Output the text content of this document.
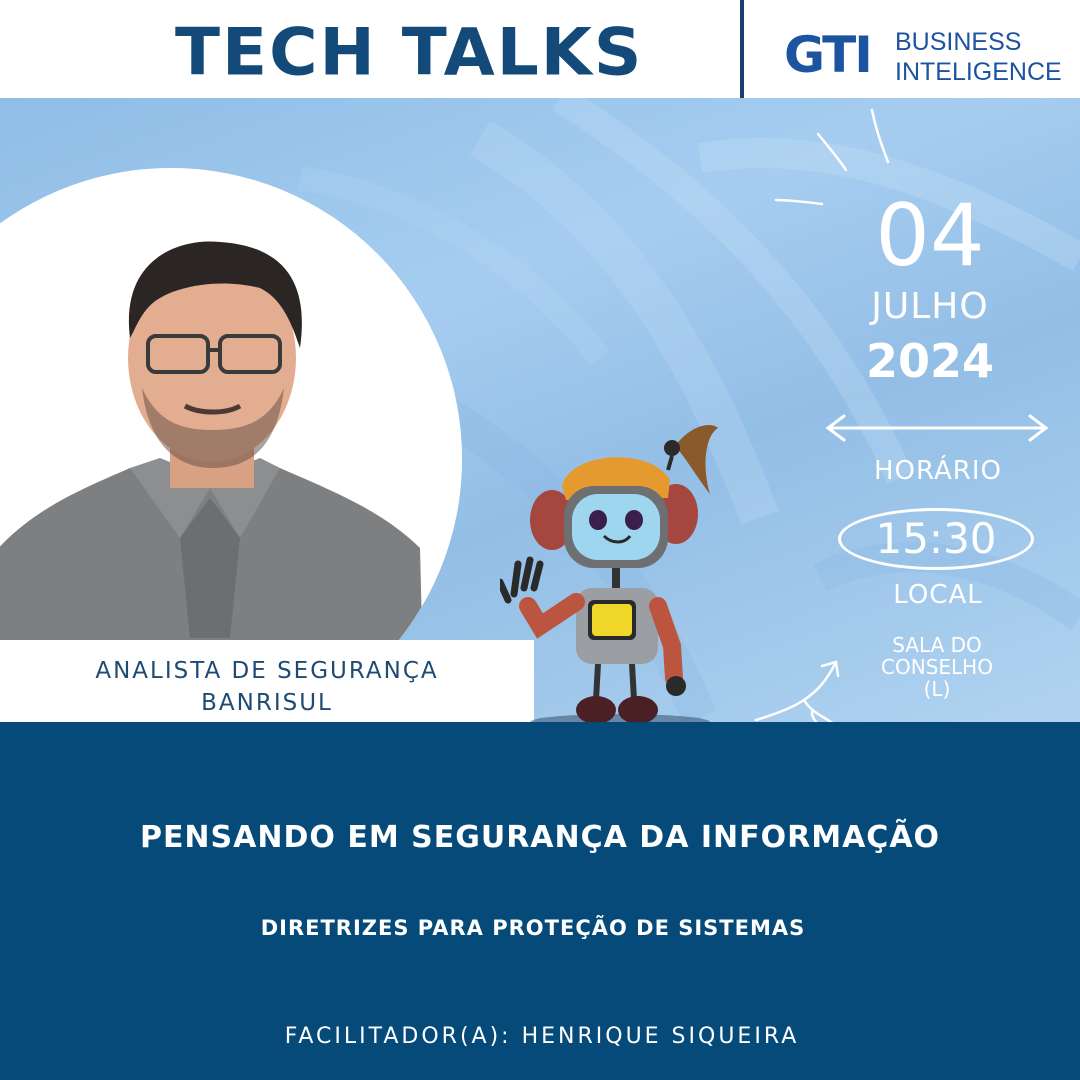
TECH TALKS	GTI BUSINESS
INTELIGENCE
ANALISTA DE SEGURANÇA
BANRISUL
04
JULHO
2024
HORÁRIO
15:30
LOCAL
SALA DO
CONSELHO
(L)
PENSANDO EM SEGURANÇA DA INFORMAÇÃO
DIRETRIZES PARA PROTEÇÃO DE SISTEMAS
FACILITADOR(A): HENRIQUE SIQUEIRA
